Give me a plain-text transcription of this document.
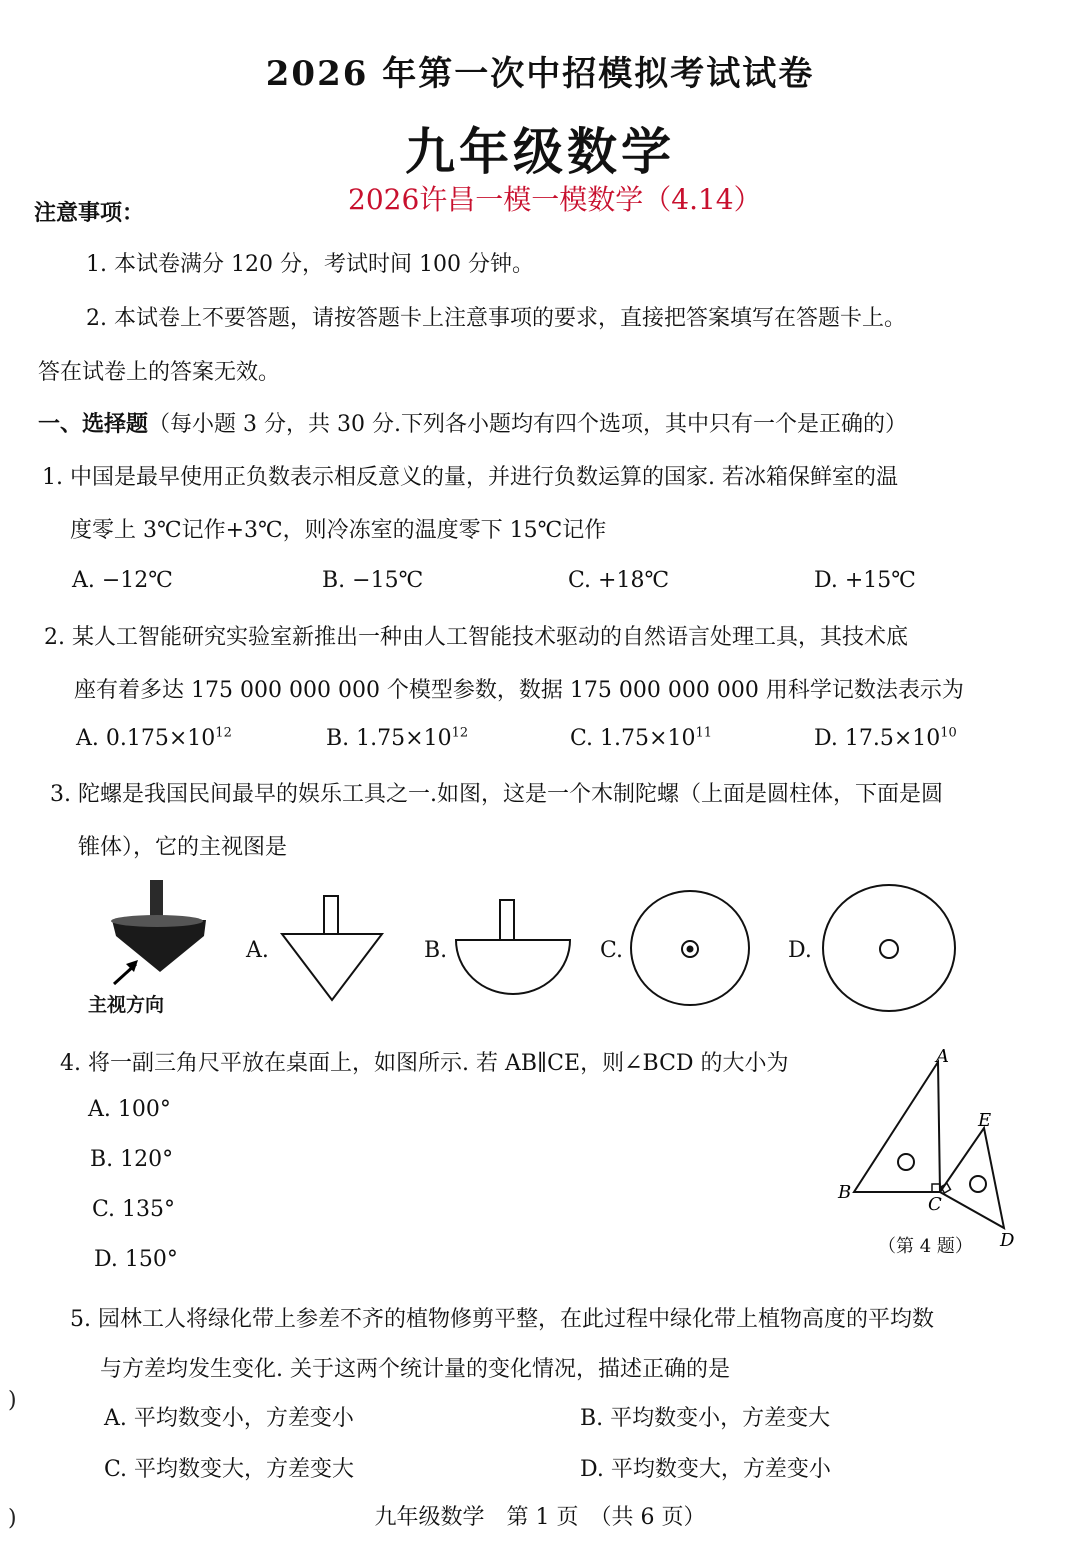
2026 年第一次中招模拟考试试卷
九年级数学
2026许昌一模一模数学（4.14）
注意事项：
1. 本试卷满分 120 分，考试时间 100 分钟。
2. 本试卷上不要答题，请按答题卡上注意事项的要求，直接把答案填写在答题卡上。
答在试卷上的答案无效。
一、选择题（每小题 3 分，共 30 分.下列各小题均有四个选项，其中只有一个是正确的）
1. 中国是最早使用正负数表示相反意义的量，并进行负数运算的国家. 若冰箱保鲜室的温
度零上 3℃记作+3℃，则冷冻室的温度零下 15℃记作
A. −12℃	B. −15℃	C. +18℃	D. +15℃
2. 某人工智能研究实验室新推出一种由人工智能技术驱动的自然语言处理工具，其技术底
座有着多达 175 000 000 000 个模型参数，数据 175 000 000 000 用科学记数法表示为
A. $0.175\times 10^{12}$	B. $1.75\times 10^{12}$	C. $1.75\times 10^{11}$	D. $17.5\times 10^{10}$
3. 陀螺是我国民间最早的娱乐工具之一.如图，这是一个木制陀螺（上面是圆柱体，下面是圆
锥体），它的主视图是
主视方向
A.	B.	C.	D.
4. 将一副三角尺平放在桌面上，如图所示. 若 AB∥CE，则∠BCD 的大小为
A. 100°
B. 120°
C. 135°
D. 150°
A
B
C
D
E
（第 4 题）
5. 园林工人将绿化带上参差不齐的植物修剪平整，在此过程中绿化带上植物高度的平均数
与方差均发生变化. 关于这两个统计量的变化情况，描述正确的是
A. 平均数变小，方差变小	B. 平均数变小，方差变大
C. 平均数变大，方差变大	D. 平均数变大，方差变小
)
)	九年级数学　第 1 页　（共 6 页）
